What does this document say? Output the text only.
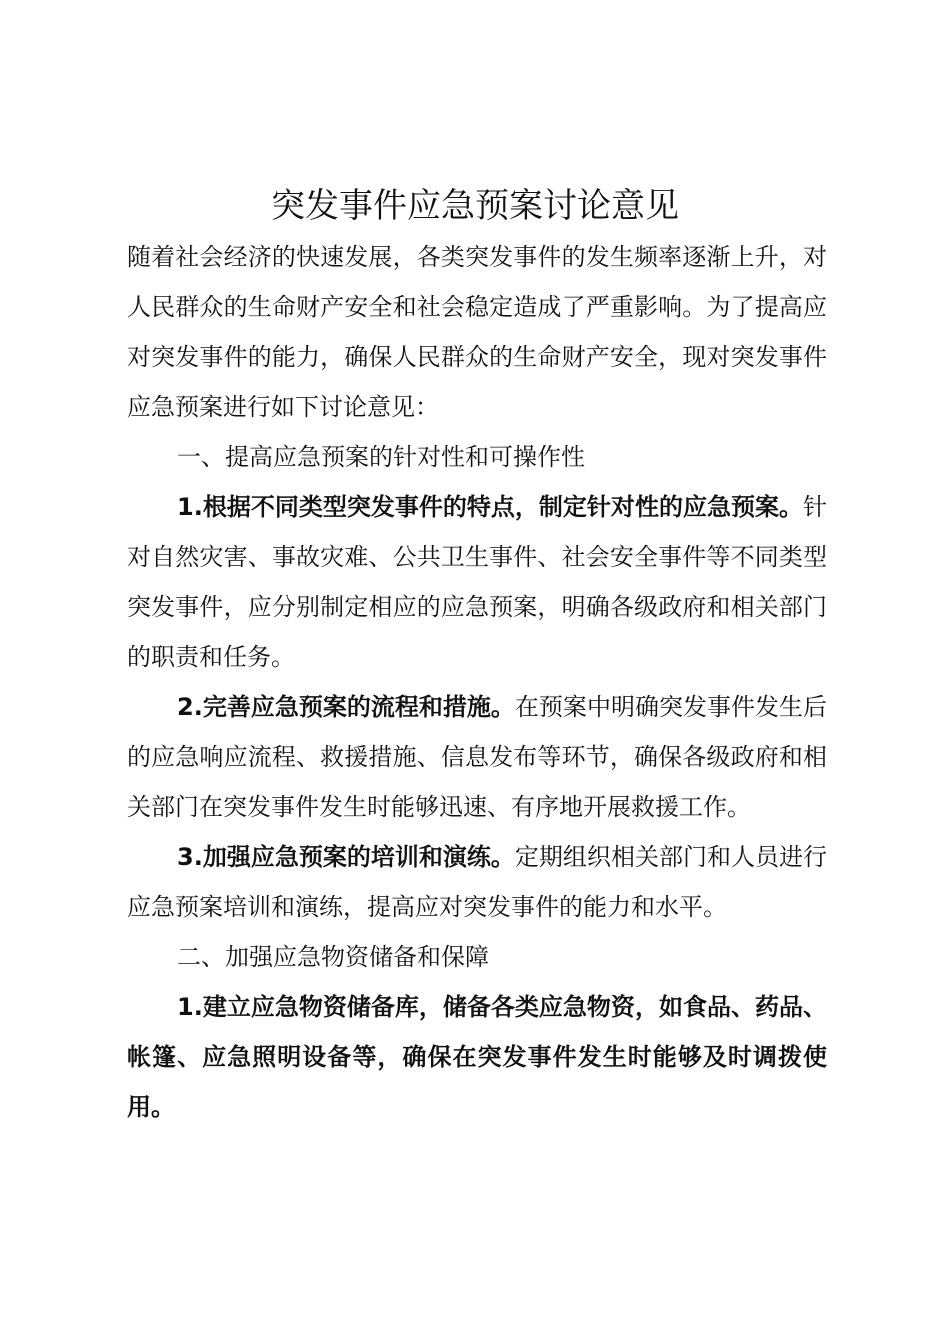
突发事件应急预案讨论意见

随着社会经济的快速发展，各类突发事件的发生频率逐渐上升，对人民群众的生命财产安全和社会稳定造成了严重影响。为了提高应对突发事件的能力，确保人民群众的生命财产安全，现对突发事件应急预案进行如下讨论意见：

一、提高应急预案的针对性和可操作性

1.根据不同类型突发事件的特点，制定针对性的应急预案。针对自然灾害、事故灾难、公共卫生事件、社会安全事件等不同类型突发事件，应分别制定相应的应急预案，明确各级政府和相关部门的职责和任务。

2.完善应急预案的流程和措施。在预案中明确突发事件发生后的应急响应流程、救援措施、信息发布等环节，确保各级政府和相关部门在突发事件发生时能够迅速、有序地开展救援工作。

3.加强应急预案的培训和演练。定期组织相关部门和人员进行应急预案培训和演练，提高应对突发事件的能力和水平。

二、加强应急物资储备和保障

1.建立应急物资储备库，储备各类应急物资，如食品、药品、帐篷、应急照明设备等，确保在突发事件发生时能够及时调拨使用。
